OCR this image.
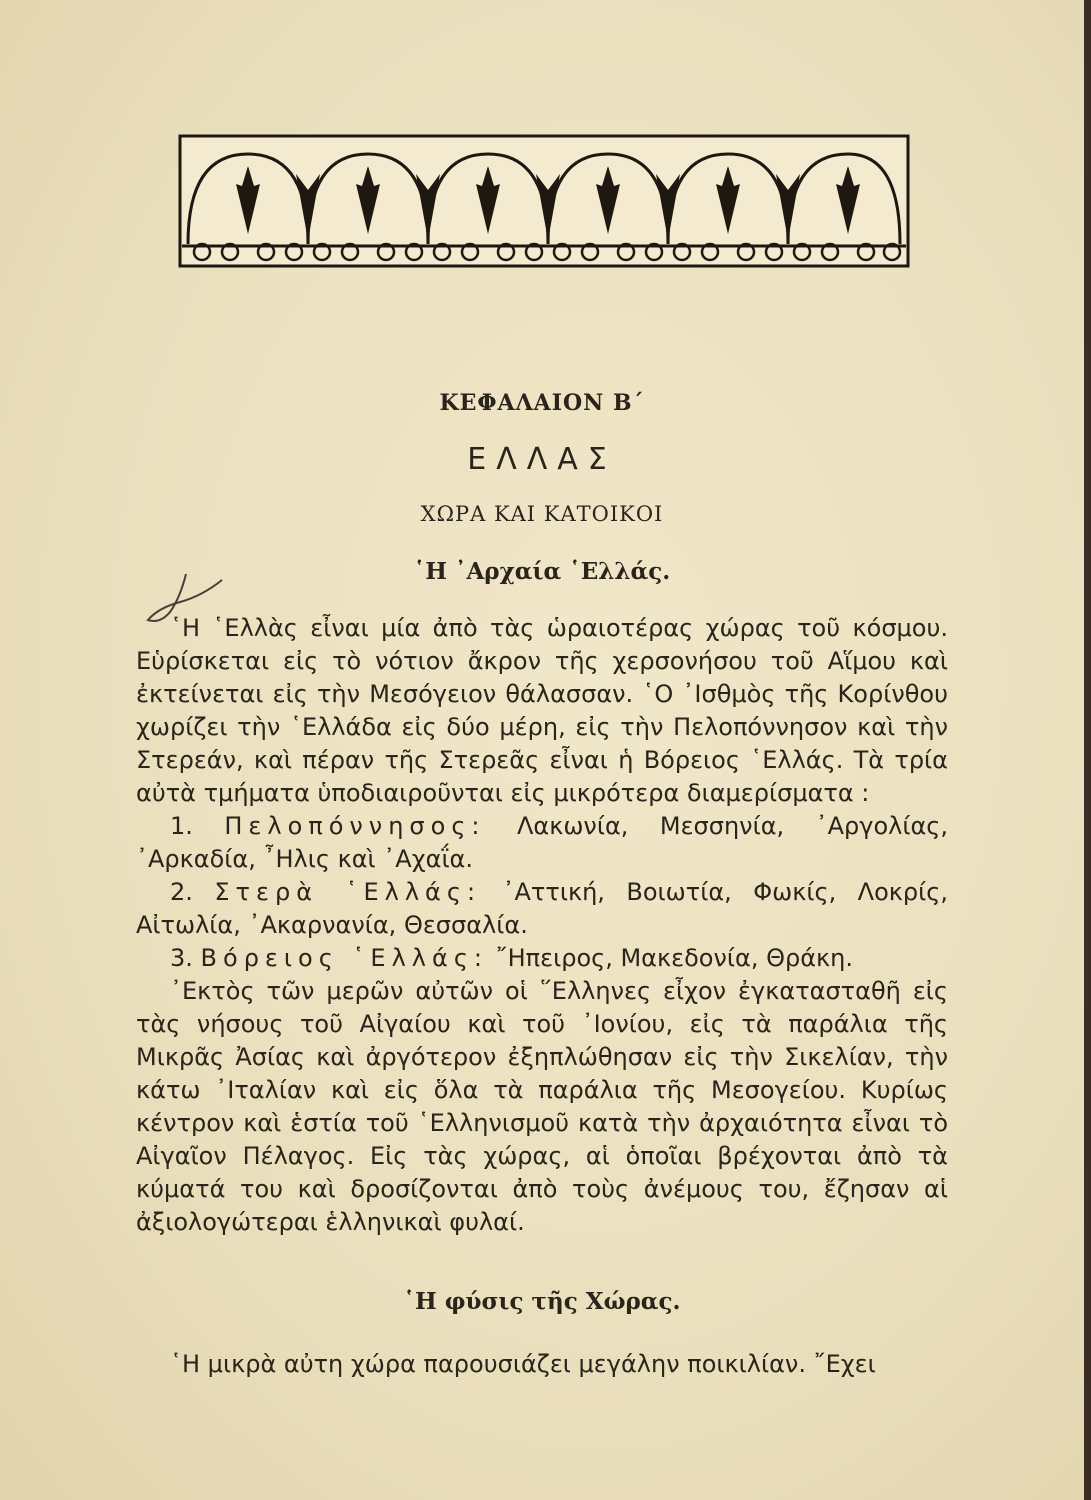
ΚΕΦΑΛΑΙΟΝ Β΄
ΕΛΛΑΣ
ΧΩΡΑ ΚΑΙ ΚΑΤΟΙΚΟΙ
῾Η ᾿Αρχαία ῾Ελλάς.

῾Η ῾Ελλὰς εἶναι μία ἀπὸ τὰς ὡραιοτέρας χώρας τοῦ κόσμου. Εὑρίσκεται εἰς τὸ νότιον ἄκρον τῆς χερσονήσου τοῦ Αἵμου καὶ ἐκτείνεται εἰς τὴν Μεσόγειον θάλασσαν. ῾Ο ᾿Ισθμὸς τῆς Κορίνθου χωρίζει τὴν ῾Ελλάδα εἰς δύο μέρη, εἰς τὴν Πελοπόννησον καὶ τὴν Στερεάν, καὶ πέραν τῆς Στερεᾶς εἶναι ἡ Βόρειος ῾Ελλάς. Τὰ τρία αὐτὰ τμήματα ὑποδιαιροῦνται εἰς μικρότερα διαμερίσματα :

1. Πελοπόννησος: Λακωνία, Μεσσηνία, ᾿Αργολίας, ᾿Αρκαδία, ῏Ηλις καὶ ᾿Αχαΐα.

2. Στερὰ ῾Ελλάς: ᾿Αττική, Βοιωτία, Φωκίς, Λοκρίς, Αἰτωλία, ᾿Ακαρνανία, Θεσσαλία.

3. Βόρειος ῾Ελλάς: ῎Ηπειρος, Μακεδονία, Θράκη.

᾿Εκτὸς τῶν μερῶν αὐτῶν οἱ ῞Ελληνες εἶχον ἐγκατασταθῆ εἰς τὰς νήσους τοῦ Αἰγαίου καὶ τοῦ ᾿Ιονίου, εἰς τὰ παράλια τῆς Μικρᾶς Ἀσίας καὶ ἀργότερον ἐξηπλώθησαν εἰς τὴν Σικελίαν, τὴν κάτω ᾿Ιταλίαν καὶ εἰς ὅλα τὰ παράλια τῆς Μεσογείου. Κυρίως κέντρον καὶ ἑστία τοῦ ῾Ελληνισμοῦ κατὰ τὴν ἀρχαιότητα εἶναι τὸ Αἰγαῖον Πέλαγος. Εἰς τὰς χώρας, αἱ ὁποῖαι βρέχονται ἀπὸ τὰ κύματά του καὶ δροσίζονται ἀπὸ τοὺς ἀνέμους του, ἔζησαν αἱ ἀξιολογώτεραι ἑλληνικαὶ φυλαί.

῾Η φύσις τῆς Χώρας.

῾Η μικρὰ αὐτη χώρα παρουσιάζει μεγάλην ποικιλίαν. ῎Εχει
